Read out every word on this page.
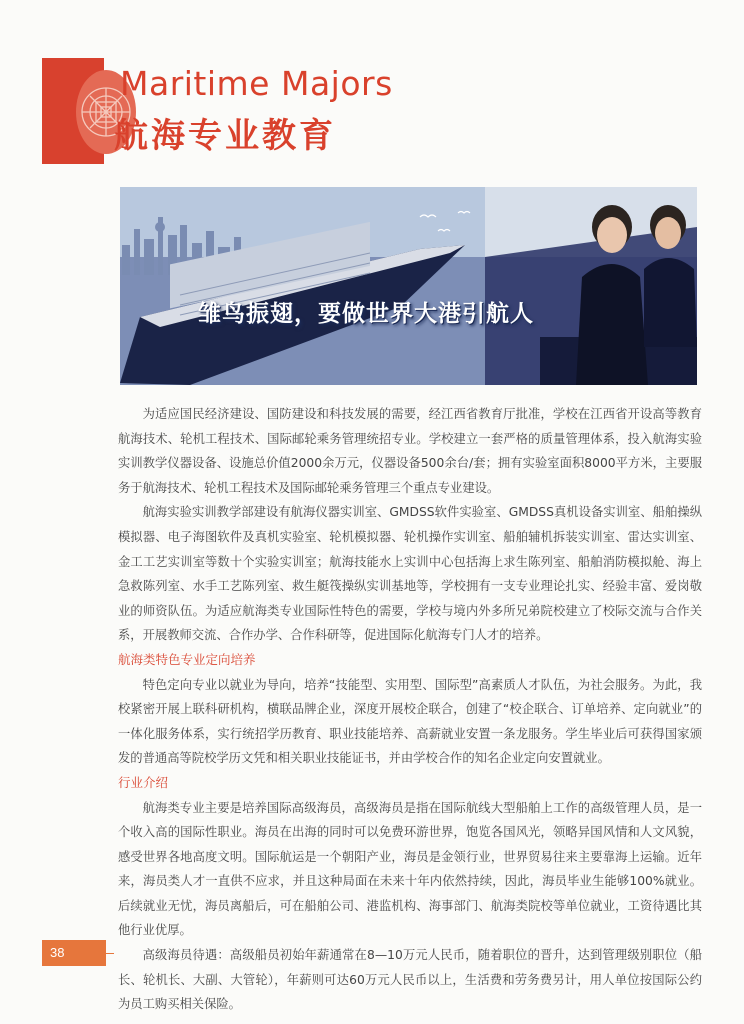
Maritime Majors
航海专业教育
雏鸟振翅，要做世界大港引航人

为适应国民经济建设、国防建设和科技发展的需要，经江西省教育厅批准，学校在江西省开设高等教育航海技术、轮机工程技术、国际邮轮乘务管理统招专业。学校建立一套严格的质量管理体系，投入航海实验实训教学仪器设备、设施总价值2000余万元，仪器设备500余台/套；拥有实验室面积8000平方米，主要服务于航海技术、轮机工程技术及国际邮轮乘务管理三个重点专业建设。

航海实验实训教学部建设有航海仪器实训室、GMDSS软件实验室、GMDSS真机设备实训室、船舶操纵模拟器、电子海图软件及真机实验室、轮机模拟器、轮机操作实训室、船舶辅机拆装实训室、雷达实训室、金工工艺实训室等数十个实验实训室；航海技能水上实训中心包括海上求生陈列室、船舶消防模拟舱、海上急救陈列室、水手工艺陈列室、救生艇筏操纵实训基地等，学校拥有一支专业理论扎实、经验丰富、爱岗敬业的师资队伍。为适应航海类专业国际性特色的需要，学校与境内外多所兄弟院校建立了校际交流与合作关系，开展教师交流、合作办学、合作科研等，促进国际化航海专门人才的培养。

航海类特色专业定向培养

特色定向专业以就业为导向，培养“技能型、实用型、国际型”高素质人才队伍，为社会服务。为此，我校紧密开展上联科研机构，横联品牌企业，深度开展校企联合，创建了“校企联合、订单培养、定向就业”的一体化服务体系，实行统招学历教育、职业技能培养、高薪就业安置一条龙服务。学生毕业后可获得国家颁发的普通高等院校学历文凭和相关职业技能证书，并由学校合作的知名企业定向安置就业。

行业介绍

航海类专业主要是培养国际高级海员，高级海员是指在国际航线大型船舶上工作的高级管理人员，是一个收入高的国际性职业。海员在出海的同时可以免费环游世界，饱览各国风光，领略异国风情和人文风貌，感受世界各地高度文明。国际航运是一个朝阳产业，海员是金领行业，世界贸易往来主要靠海上运输。近年来，海员类人才一直供不应求，并且这种局面在未来十年内依然持续，因此，海员毕业生能够100%就业。后续就业无忧，海员离船后，可在船舶公司、港监机构、海事部门、航海类院校等单位就业，工资待遇比其他行业优厚。

高级海员待遇：高级船员初始年薪通常在8—10万元人民币，随着职位的晋升，达到管理级别职位（船长、轮机长、大副、大管轮），年薪则可达60万元人民币以上，生活费和劳务费另计，用人单位按国际公约为员工购买相关保险。

38
